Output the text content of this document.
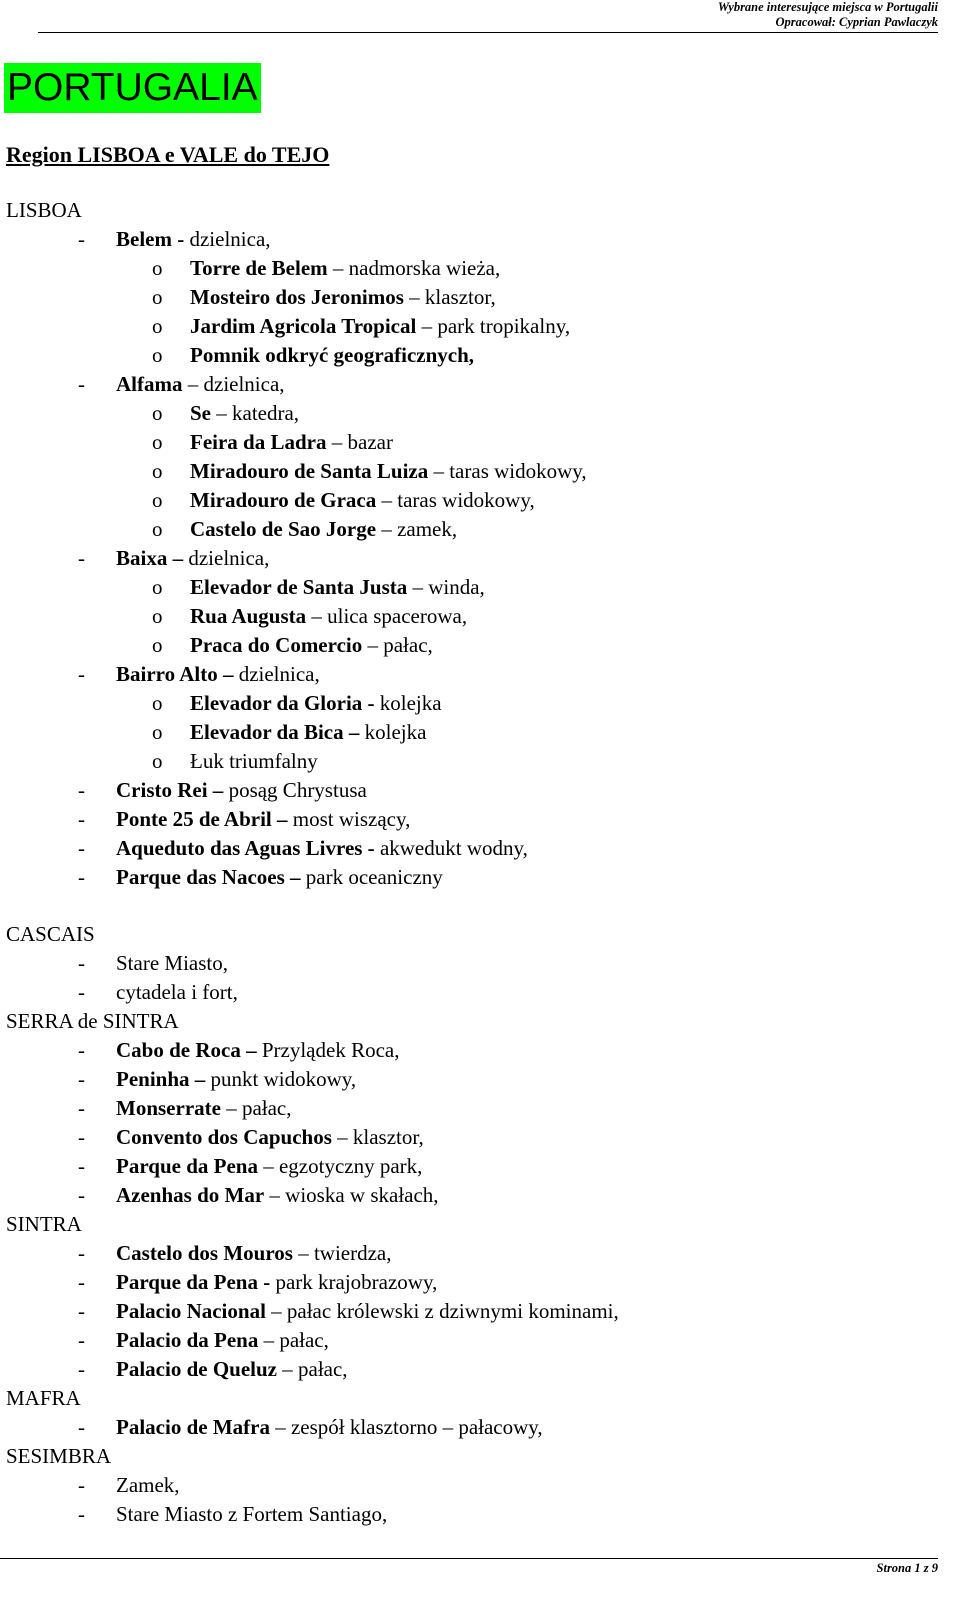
Wybrane interesujące miejsca w Portugalii
Opracował: Cyprian Pawlaczyk
PORTUGALIA
Region LISBOA e VALE do TEJO
LISBOA
- Belem - dzielnica,
o Torre de Belem – nadmorska wieża,
o Mosteiro dos Jeronimos – klasztor,
o Jardim Agricola Tropical – park tropikalny,
o Pomnik odkryć geograficznych,
- Alfama – dzielnica,
o Se – katedra,
o Feira da Ladra – bazar
o Miradouro de Santa Luiza – taras widokowy,
o Miradouro de Graca – taras widokowy,
o Castelo de Sao Jorge – zamek,
- Baixa – dzielnica,
o Elevador de Santa Justa – winda,
o Rua Augusta – ulica spacerowa,
o Praca do Comercio – pałac,
- Bairro Alto – dzielnica,
o Elevador da Gloria - kolejka
o Elevador da Bica – kolejka
o Łuk triumfalny
- Cristo Rei – posąg Chrystusa
- Ponte 25 de Abril – most wiszący,
- Aqueduto das Aguas Livres - akwedukt wodny,
- Parque das Nacoes – park oceaniczny
CASCAIS
- Stare Miasto,
- cytadela i fort,
SERRA de SINTRA
- Cabo de Roca – Przylądek Roca,
- Peninha – punkt widokowy,
- Monserrate – pałac,
- Convento dos Capuchos – klasztor,
- Parque da Pena – egzotyczny park,
- Azenhas do Mar – wioska w skałach,
SINTRA
- Castelo dos Mouros – twierdza,
- Parque da Pena - park krajobrazowy,
- Palacio Nacional – pałac królewski z dziwnymi kominami,
- Palacio da Pena – pałac,
- Palacio de Queluz – pałac,
MAFRA
- Palacio de Mafra – zespół klasztorno – pałacowy,
SESIMBRA
- Zamek,
- Stare Miasto z Fortem Santiago,
Strona 1 z 9
